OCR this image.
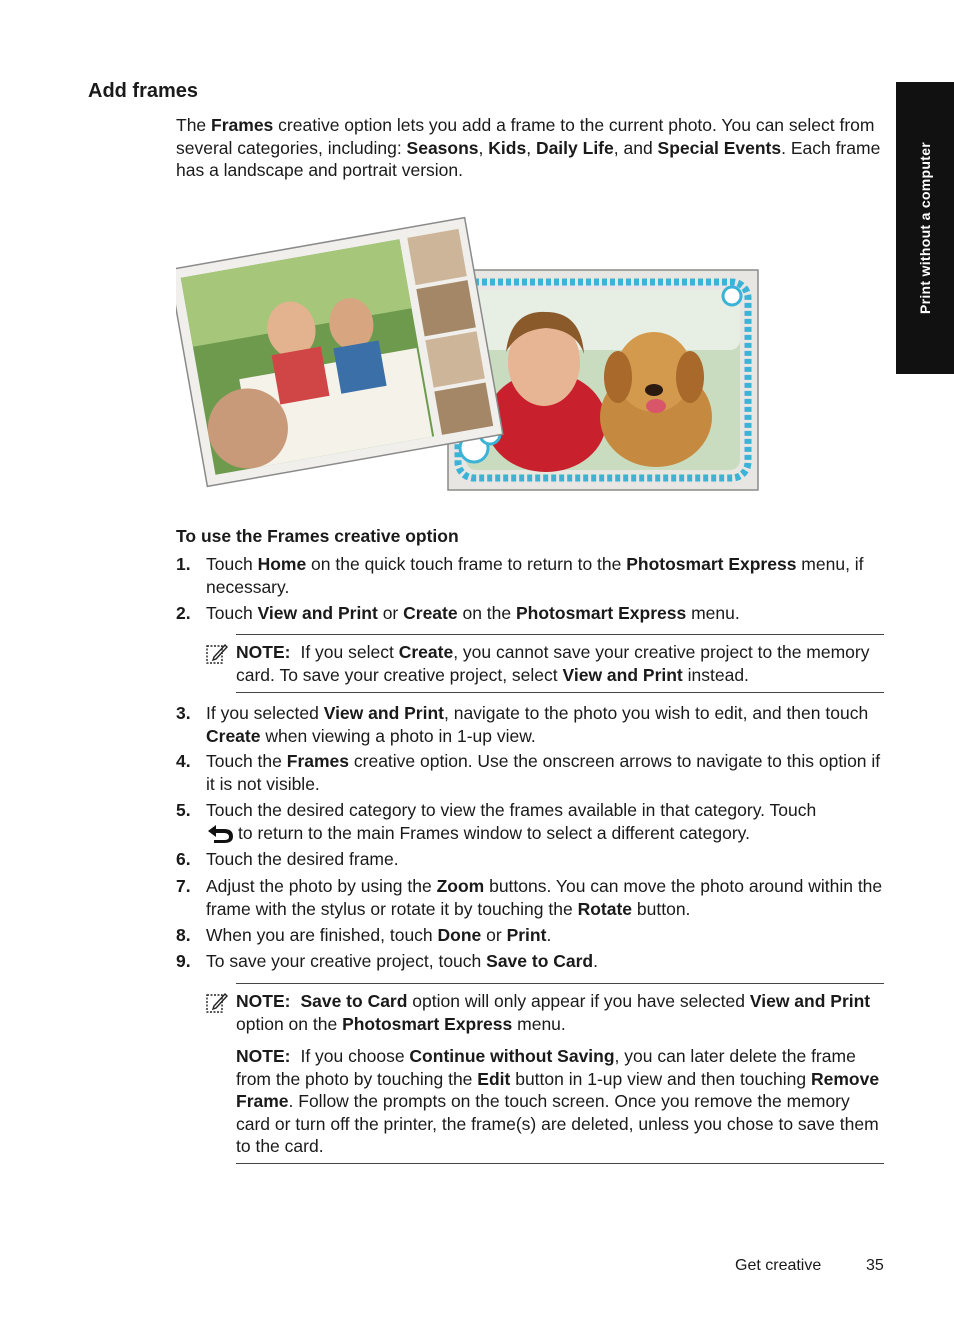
Print without a computer
Add frames

The Frames creative option lets you add a frame to the current photo. You can select from several categories, including: Seasons, Kids, Daily Life, and Special Events. Each frame has a landscape and portrait version.

To use the Frames creative option
1. Touch Home on the quick touch frame to return to the Photosmart Express menu, if necessary.
2. Touch View and Print or Create on the Photosmart Express menu.
NOTE: If you select Create, you cannot save your creative project to the memory card. To save your creative project, select View and Print instead.
3. If you selected View and Print, navigate to the photo you wish to edit, and then touch Create when viewing a photo in 1-up view.
4. Touch the Frames creative option. Use the onscreen arrows to navigate to this option if it is not visible.
5. Touch the desired category to view the frames available in that category. Touch
to return to the main Frames window to select a different category.
6. Touch the desired frame.
7. Adjust the photo by using the Zoom buttons. You can move the photo around within the frame with the stylus or rotate it by touching the Rotate button.
8. When you are finished, touch Done or Print.
9. To save your creative project, touch Save to Card.
NOTE: Save to Card option will only appear if you have selected View and Print option on the Photosmart Express menu.
NOTE: If you choose Continue without Saving, you can later delete the frame from the photo by touching the Edit button in 1-up view and then touching Remove Frame. Follow the prompts on the touch screen. Once you remove the memory card or turn off the printer, the frame(s) are deleted, unless you chose to save them to the card.
Get creative	35
